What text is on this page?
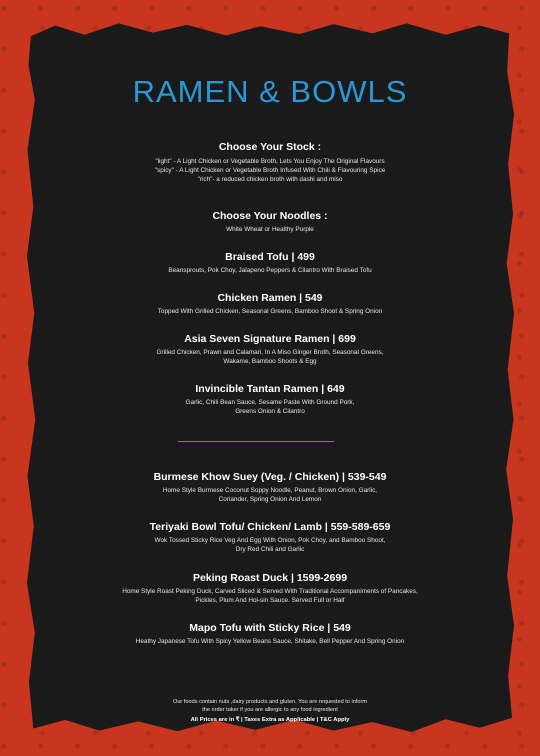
RAMEN & BOWLS
Choose Your Stock :
"light" - A Light Chicken or Vegetable Broth, Lets You Enjoy The Original Flavours
"spicy" - A Light Chicken or Vegetable Broth Infused With Chili & Flavouring Spice
"rich"- a reduced chicken broth with dashi and miso
Choose Your Noodles :
White Wheat or Healthy Purple
Braised Tofu | 499
Beansprouts, Pok Choy, Jalapeno Peppers & Cilantro With Braised Tofu
Chicken Ramen | 549
Topped With Grilled Chicken, Seasonal Greens, Bamboo Shoot & Spring Onion
Asia Seven Signature Ramen | 699
Grilled Chicken, Prawn and Calamari, In A Miso Ginger Broth, Seasonal Greens,
Wakame, Bamboo Shoots & Egg
Invincible Tantan Ramen | 649
Garlic, Chili Bean Sauce, Sesame Paste With Ground Pork,
Greens Onion & Cilantro
Burmese Khow Suey (Veg. / Chicken) | 539-549
Home Style Burmese Coconut Soppy Noodle, Peanut, Brown Onion, Garlic,
Coriander, Spring Onion And Lemon
Teriyaki Bowl Tofu/ Chicken/ Lamb | 559-589-659
Wok Tossed Sticky Rice Veg And Egg With Onion, Pok Choy, and Bamboo Shoot,
Dry Red Chili and Garlic
Peking Roast Duck | 1599-2699
Home Style Roast Peking Duck, Carved Sliced & Served With Traditional Accompaniments of Pancakes,
Pickles, Plum And Hoi-sin Sauce. Served Full or Half
Mapo Tofu with Sticky Rice | 549
Heathy Japanese Tofu With Spicy Yellow Beans Sauce, Shitake, Bell Pepper And Spring Onion
Our foods contain nuts ,dairy products and gluten. You are requested to inform
the order taker if you are allergic to any food ingredient
All Prices are in ₹ | Taxes Extra as Applicable | T&C Apply
